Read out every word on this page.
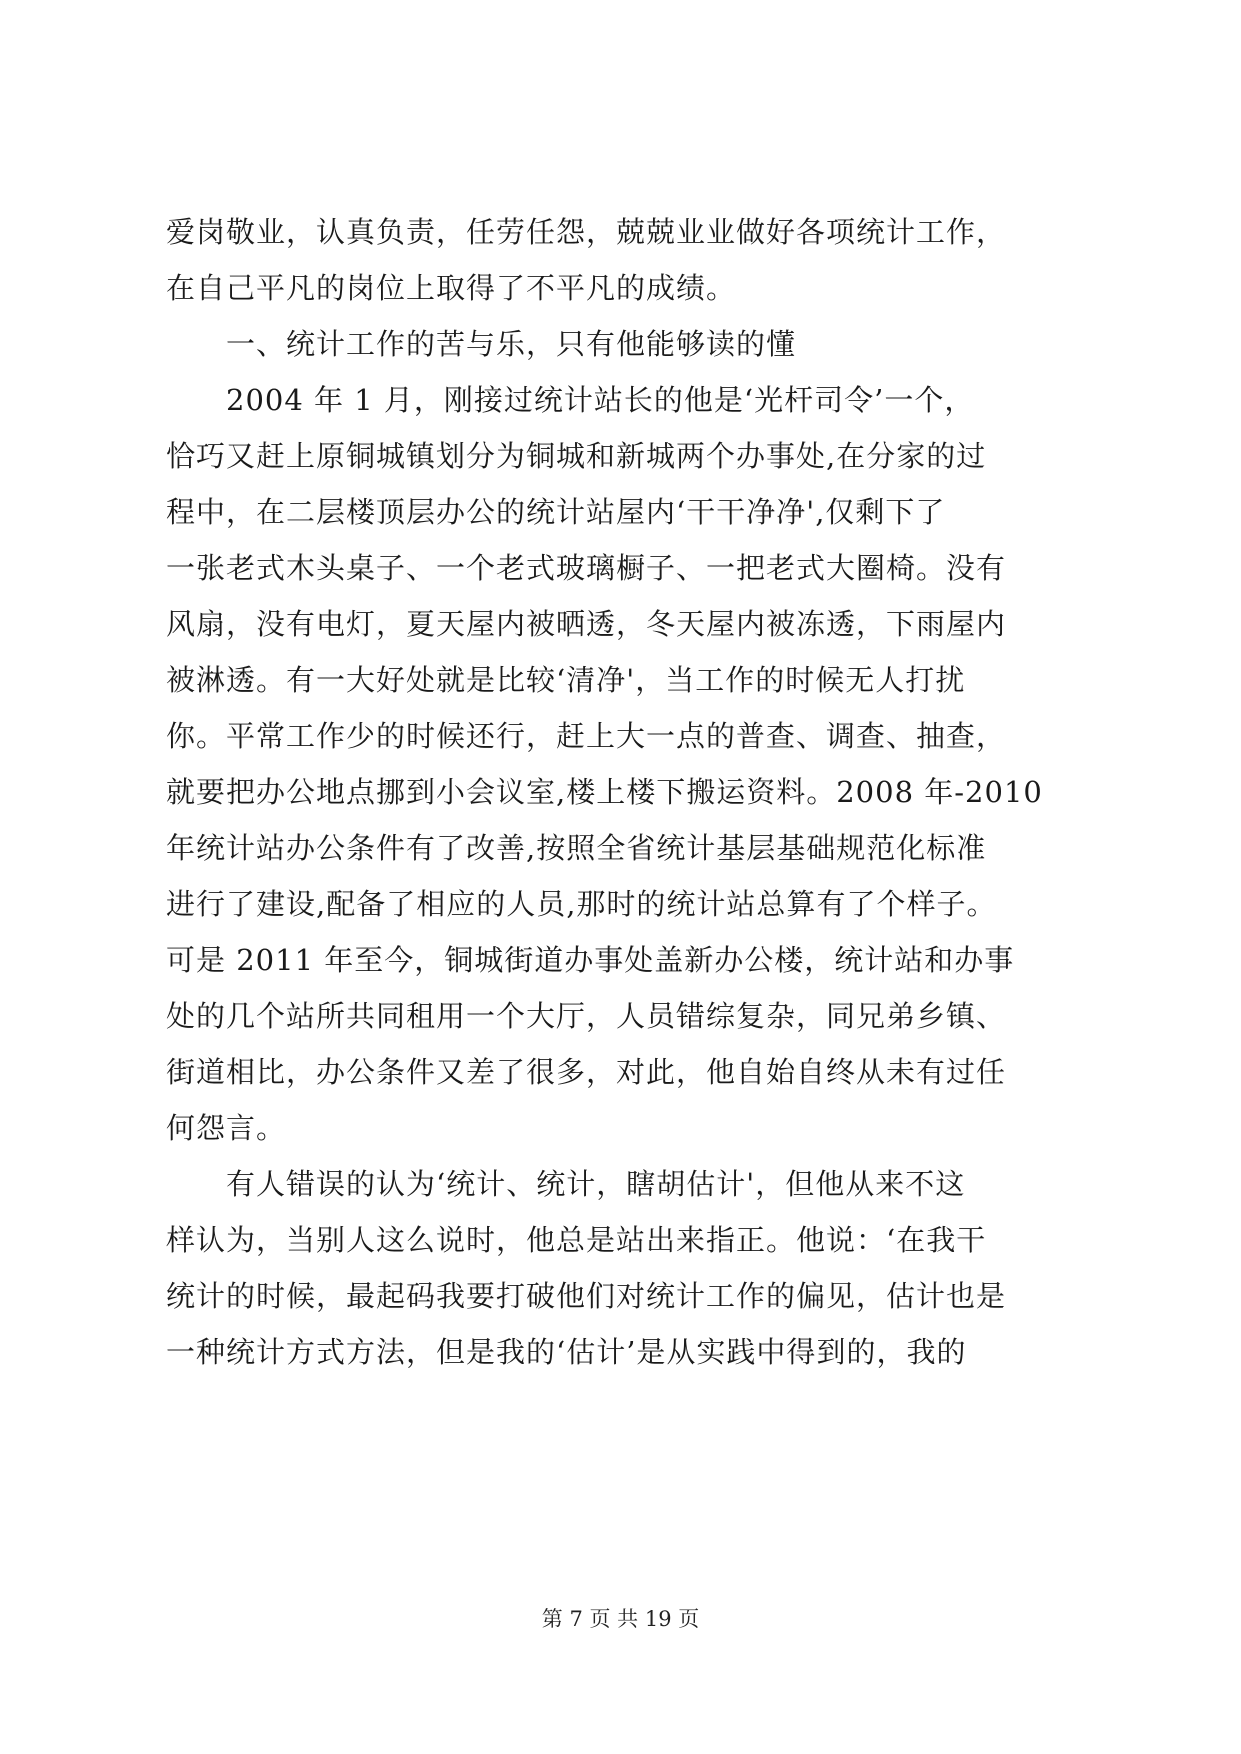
爱岗敬业，认真负责，任劳任怨，兢兢业业做好各项统计工作，
在自己平凡的岗位上取得了不平凡的成绩。
一、统计工作的苦与乐，只有他能够读的懂
2004 年 1 月，刚接过统计站长的他是‘光杆司令’一个，
恰巧又赶上原铜城镇划分为铜城和新城两个办事处,在分家的过
程中，在二层楼顶层办公的统计站屋内‘干干净净',仅剩下了
一张老式木头桌子、一个老式玻璃橱子、一把老式大圈椅。没有
风扇，没有电灯，夏天屋内被晒透，冬天屋内被冻透，下雨屋内
被淋透。有一大好处就是比较‘清净'，当工作的时候无人打扰
你。平常工作少的时候还行，赶上大一点的普查、调查、抽查，
就要把办公地点挪到小会议室,楼上楼下搬运资料。2008 年-2010
年统计站办公条件有了改善,按照全省统计基层基础规范化标准
进行了建设,配备了相应的人员,那时的统计站总算有了个样子。
可是 2011 年至今，铜城街道办事处盖新办公楼，统计站和办事
处的几个站所共同租用一个大厅，人员错综复杂，同兄弟乡镇、
街道相比，办公条件又差了很多，对此，他自始自终从未有过任
何怨言。
有人错误的认为‘统计、统计，瞎胡估计'，但他从来不这
样认为，当别人这么说时，他总是站出来指正。他说：‘在我干
统计的时候，最起码我要打破他们对统计工作的偏见，估计也是
一种统计方式方法，但是我的‘估计’是从实践中得到的，我的
第 7 页 共 19 页
